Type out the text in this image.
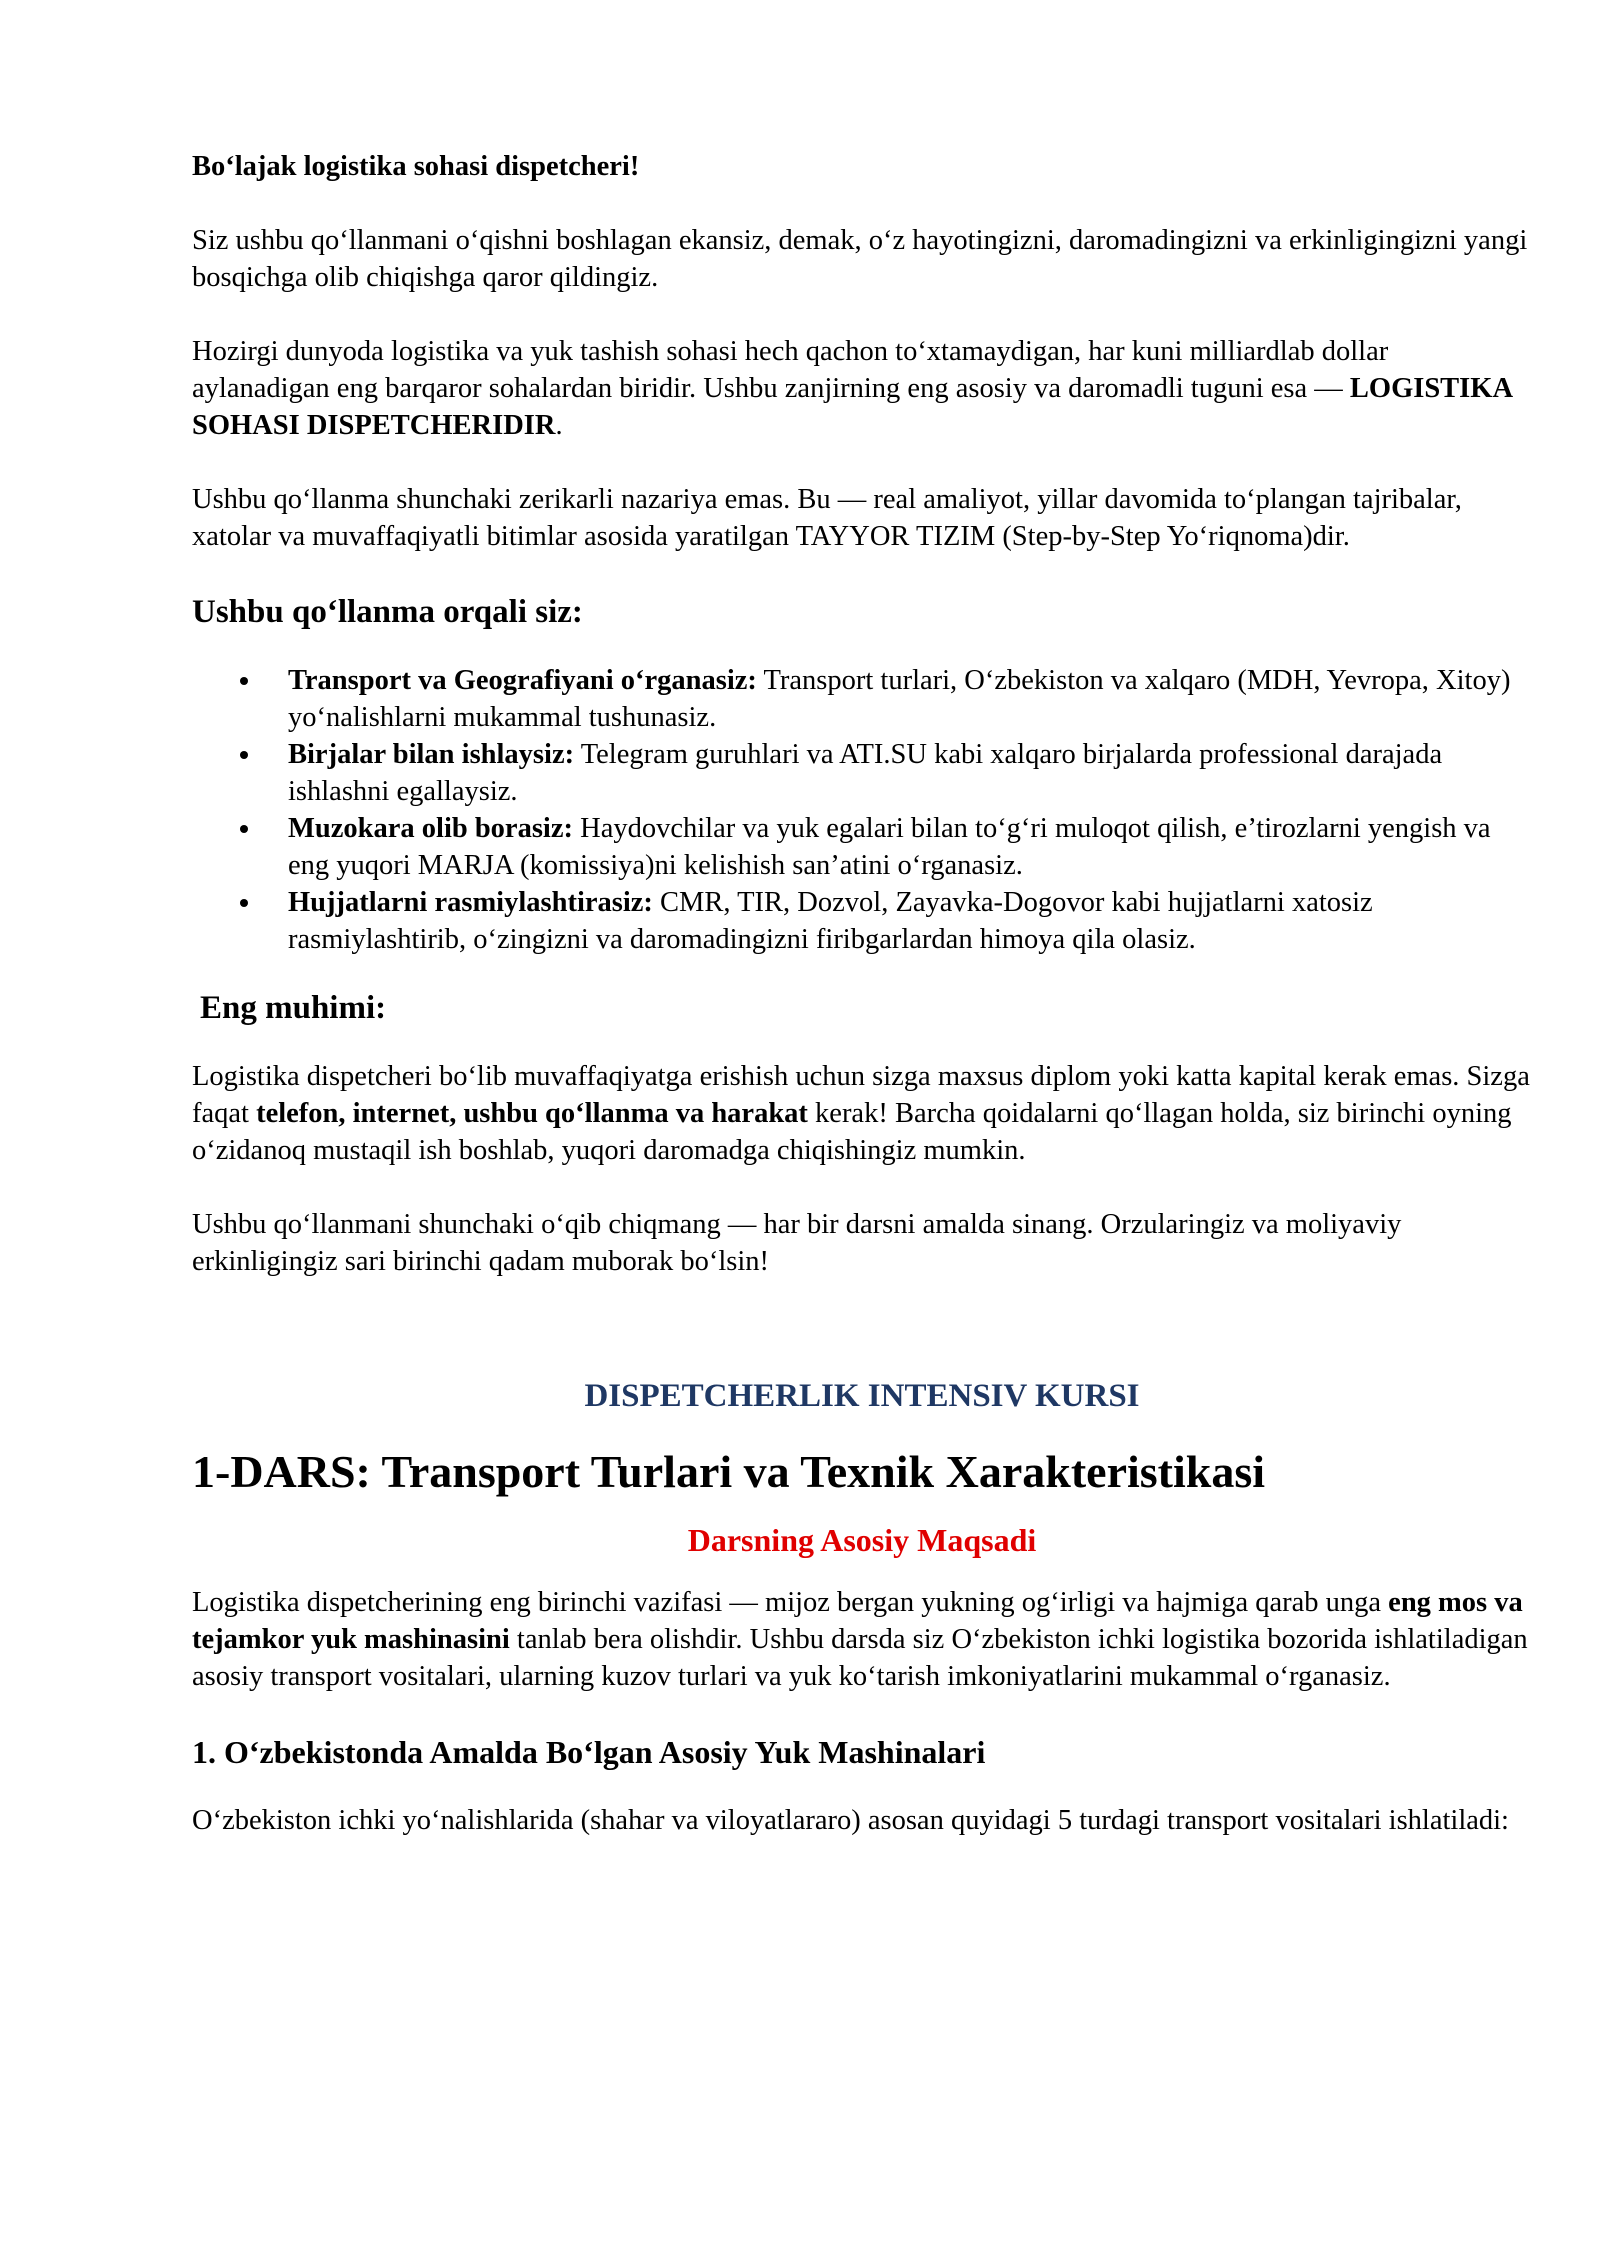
Bo‘lajak logistika sohasi dispetcheri!

Siz ushbu qo‘llanmani o‘qishni boshlagan ekansiz, demak, o‘z hayotingizni, daromadingizni va erkinligingizni yangi bosqichga olib chiqishga qaror qildingiz.

Hozirgi dunyoda logistika va yuk tashish sohasi hech qachon to‘xtamaydigan, har kuni milliardlab dollar aylanadigan eng barqaror sohalardan biridir. Ushbu zanjirning eng asosiy va daromadli tuguni esa — LOGISTIKA SOHASI DISPETCHERIDIR.

Ushbu qo‘llanma shunchaki zerikarli nazariya emas. Bu — real amaliyot, yillar davomida to‘plangan tajribalar, xatolar va muvaffaqiyatli bitimlar asosida yaratilgan TAYYOR TIZIM (Step-by-Step Yo‘riqnoma)dir.

Ushbu qo‘llanma orqali siz:

Transport va Geografiyani o‘rganasiz: Transport turlari, O‘zbekiston va xalqaro (MDH, Yevropa, Xitoy) yo‘nalishlarni mukammal tushunasiz.
Birjalar bilan ishlaysiz: Telegram guruhlari va ATI.SU kabi xalqaro birjalarda professional darajada ishlashni egallaysiz.
Muzokara olib borasiz: Haydovchilar va yuk egalari bilan to‘g‘ri muloqot qilish, e’tirozlarni yengish va eng yuqori MARJA (komissiya)ni kelishish san’atini o‘rganasiz.
Hujjatlarni rasmiylashtirasiz: CMR, TIR, Dozvol, Zayavka-Dogovor kabi hujjatlarni xatosiz rasmiylashtirib, o‘zingizni va daromadingizni firibgarlardan himoya qila olasiz.

Eng muhimi:

Logistika dispetcheri bo‘lib muvaffaqiyatga erishish uchun sizga maxsus diplom yoki katta kapital kerak emas. Sizga faqat telefon, internet, ushbu qo‘llanma va harakat kerak! Barcha qoidalarni qo‘llagan holda, siz birinchi oyning o‘zidanoq mustaqil ish boshlab, yuqori daromadga chiqishingiz mumkin.

Ushbu qo‘llanmani shunchaki o‘qib chiqmang — har bir darsni amalda sinang. Orzularingiz va moliyaviy erkinligingiz sari birinchi qadam muborak bo‘lsin!

DISPETCHERLIK INTENSIV KURSI

1-DARS: Transport Turlari va Texnik Xarakteristikasi

Darsning Asosiy Maqsadi

Logistika dispetcherining eng birinchi vazifasi — mijoz bergan yukning og‘irligi va hajmiga qarab unga eng mos va tejamkor yuk mashinasini tanlab bera olishdir. Ushbu darsda siz O‘zbekiston ichki logistika bozorida ishlatiladigan asosiy transport vositalari, ularning kuzov turlari va yuk ko‘tarish imkoniyatlarini mukammal o‘rganasiz.

1. O‘zbekistonda Amalda Bo‘lgan Asosiy Yuk Mashinalari

O‘zbekiston ichki yo‘nalishlarida (shahar va viloyatlararo) asosan quyidagi 5 turdagi transport vositalari ishlatiladi:
